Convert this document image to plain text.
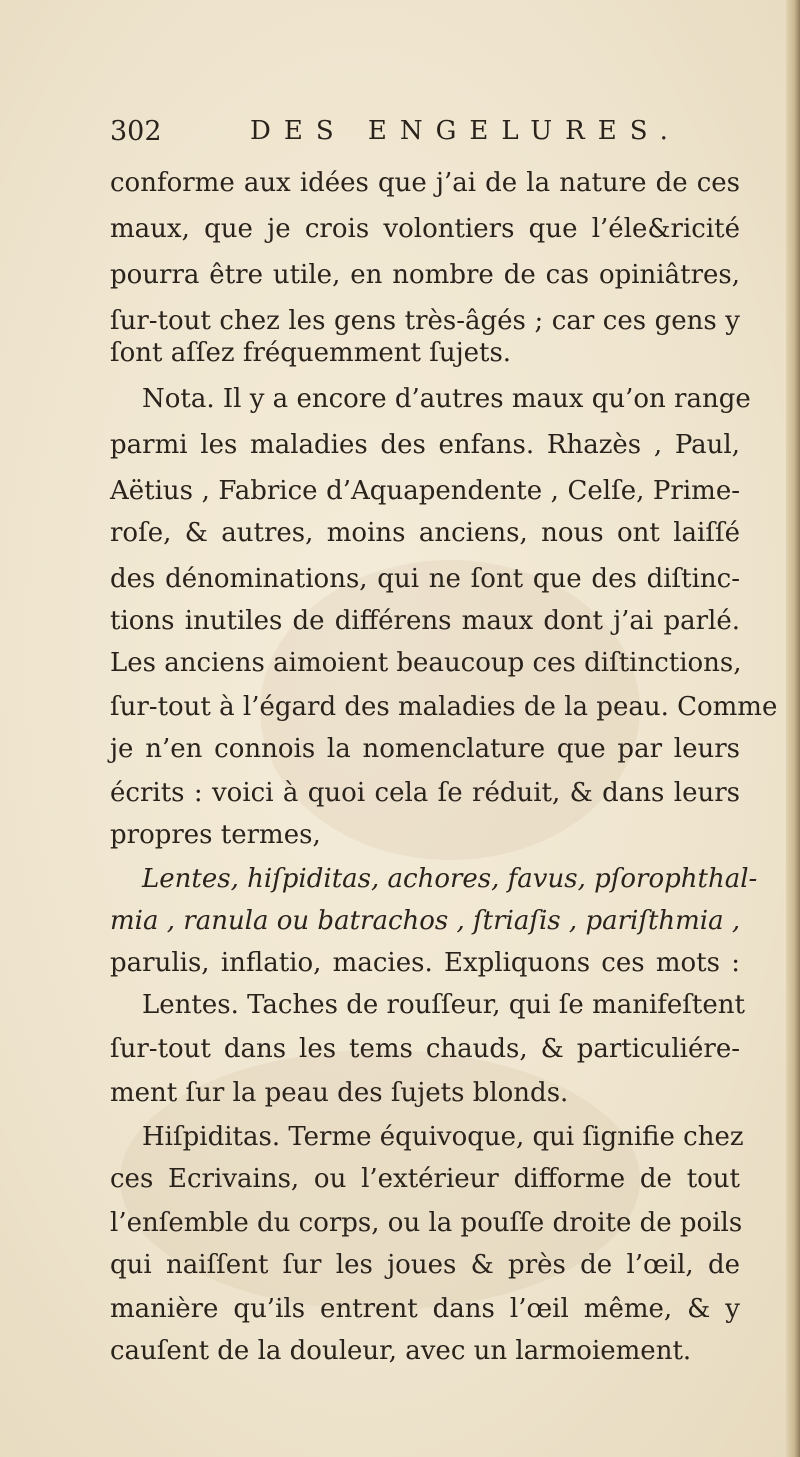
302	DES ENGELURES.
conforme aux idées que j’ai de la nature de ces
maux, que je crois volontiers que l’éle&ricité
pourra être utile, en nombre de cas opiniâtres,
ſur-tout chez les gens très-âgés ; car ces gens y
ſont aſſez fréquemment ſujets.
Nota. Il y a encore d’autres maux qu’on range
parmi les maladies des enfans. Rhazès , Paul,
Aëtius , Fabrice d’Aquapendente , Celſe, Prime-
roſe, & autres, moins anciens, nous ont laiſſé
des dénominations, qui ne ſont que des diſtinc-
tions inutiles de différens maux dont j’ai parlé.
Les anciens aimoient beaucoup ces diſtinctions,
ſur-tout à l’égard des maladies de la peau. Comme
je n’en connois la nomenclature que par leurs
écrits : voici à quoi cela ſe réduit, & dans leurs
propres termes,
Lentes, hiſpiditas, achores, favus, pſorophthal-
mia , ranula ou batrachos , ſtriaſis , pariſthmia ,
parulis, inflatio, macies. Expliquons ces mots :
Lentes. Taches de rouſſeur, qui ſe manifeſtent
ſur-tout dans les tems chauds, & particuliére-
ment ſur la peau des ſujets blonds.
Hiſpiditas. Terme équivoque, qui ſignifie chez
ces Ecrivains, ou l’extérieur difforme de tout
l’enſemble du corps, ou la pouſſe droite de poils
qui naiſſent ſur les joues & près de l’œil, de
manière qu’ils entrent dans l’œil même, & y
cauſent de la douleur, avec un larmoiement.
